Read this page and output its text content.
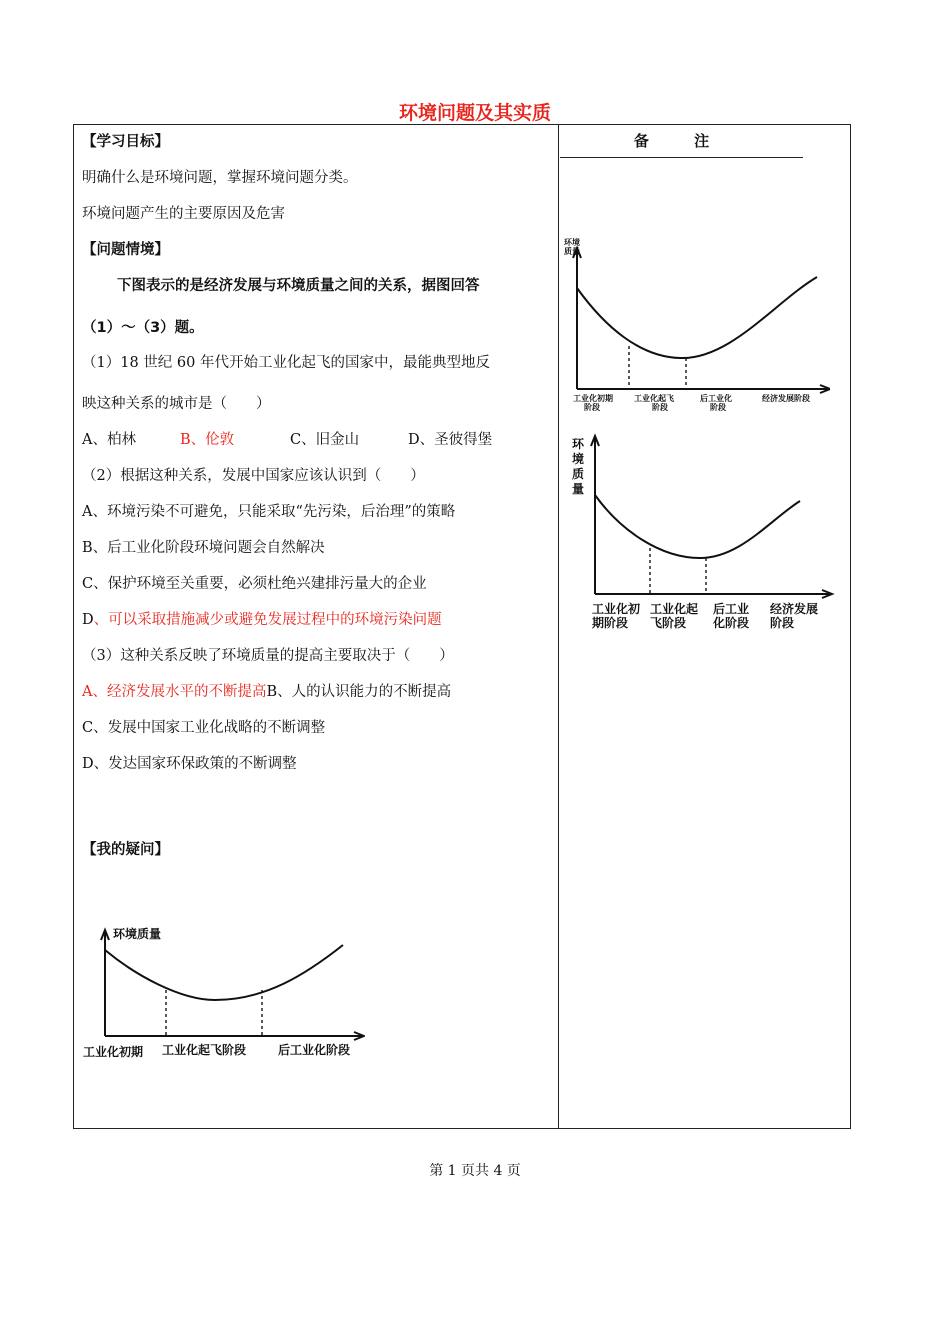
环境问题及其实质
备 注
【学习目标】
明确什么是环境问题，掌握环境问题分类。
环境问题产生的主要原因及危害
【问题情境】
下图表示的是经济发展与环境质量之间的关系，据图回答
（1）～（3）题。
（1）18 世纪 60 年代开始工业化起飞的国家中，最能典型地反
映这种关系的城市是（　　）
A、柏林	B、伦敦	C、旧金山	D、圣彼得堡
（2）根据这种关系，发展中国家应该认识到（　　）
A、环境污染不可避免，只能采取“先污染，后治理”的策略
B、后工业化阶段环境问题会自然解决
C、保护环境至关重要，必须杜绝兴建排污量大的企业
D、可以采取措施减少或避免发展过程中的环境污染问题
（3）这种关系反映了环境质量的提高主要取决于（　　）
A、经济发展水平的不断提高B、人的认识能力的不断提高
C、发展中国家工业化战略的不断调整
D、发达国家环保政策的不断调整
【我的疑问】
环境
质量
工业化初期
阶段
工业化起飞
阶段
后工业化
阶段
经济发展阶段
环
境
质
量
工业化初
期阶段
工业化起
飞阶段
后工业
化阶段
经济发展
阶段
环境质量
工业化初期 工业化起飞阶段	后工业化阶段
第 1 页共 4 页
